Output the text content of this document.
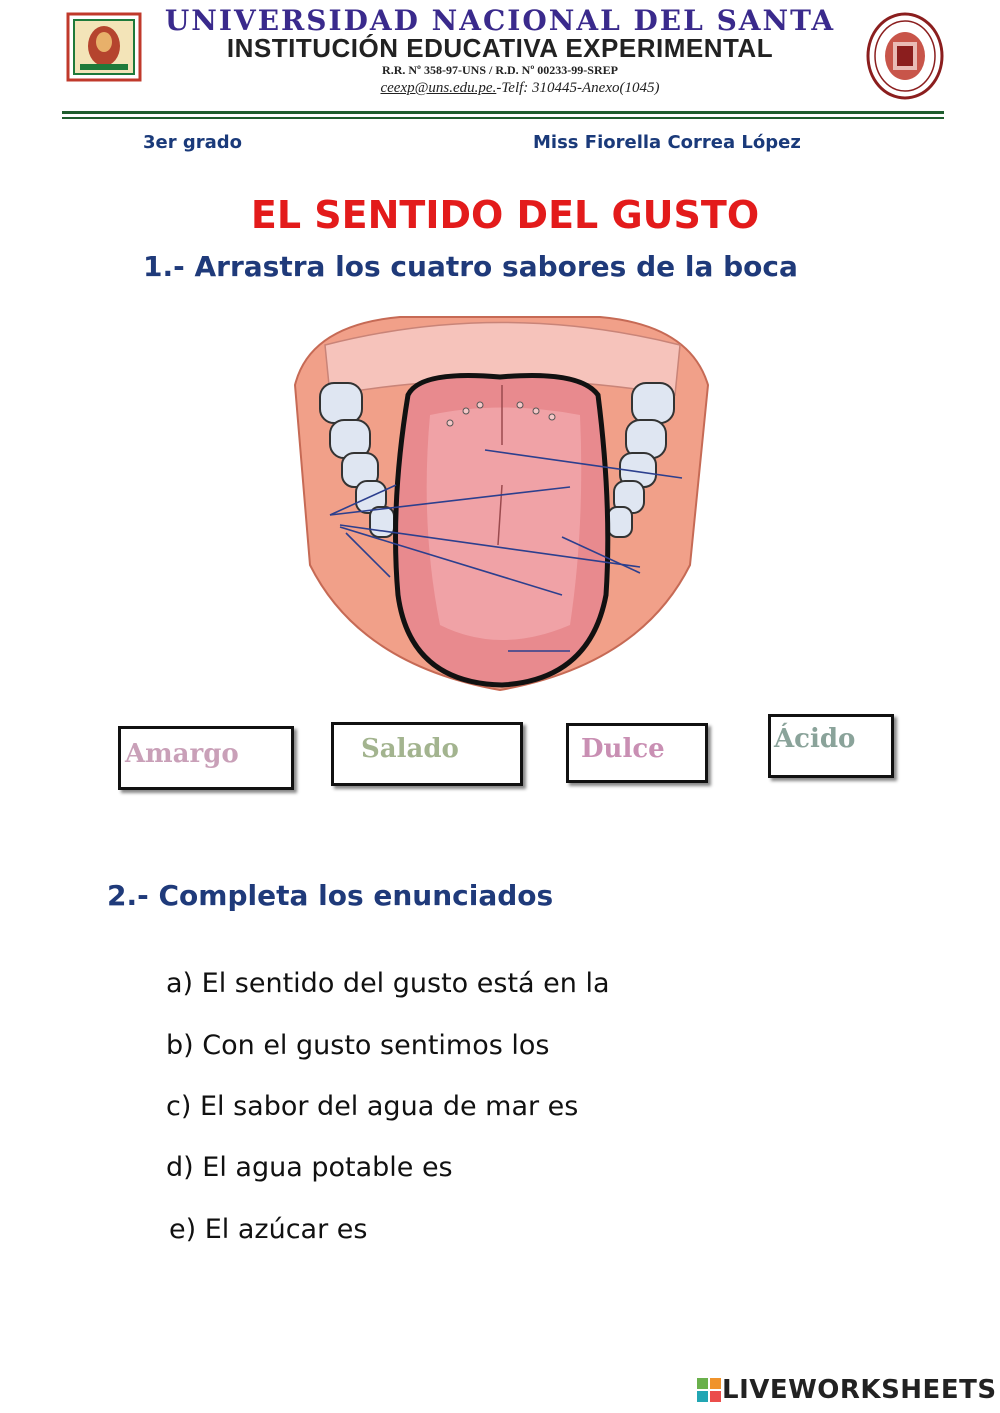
UNIVERSIDAD NACIONAL DEL SANTA
INSTITUCIÓN EDUCATIVA EXPERIMENTAL
R.R. Nº 358-97-UNS / R.D. Nº 00233-99-SREP
ceexp@uns.edu.pe.-Telf: 310445-Anexo(1045)
3er grado	Miss Fiorella Correa López
EL SENTIDO DEL GUSTO
1.- Arrastra los cuatro sabores de la boca
Amargo	Salado	Dulce	Ácido
2.- Completa los enunciados
a) El sentido del gusto está en la
b) Con el gusto sentimos los
c) El sabor del agua de mar es
d) El agua potable es
e) El azúcar es
LIVEWORKSHEETS
